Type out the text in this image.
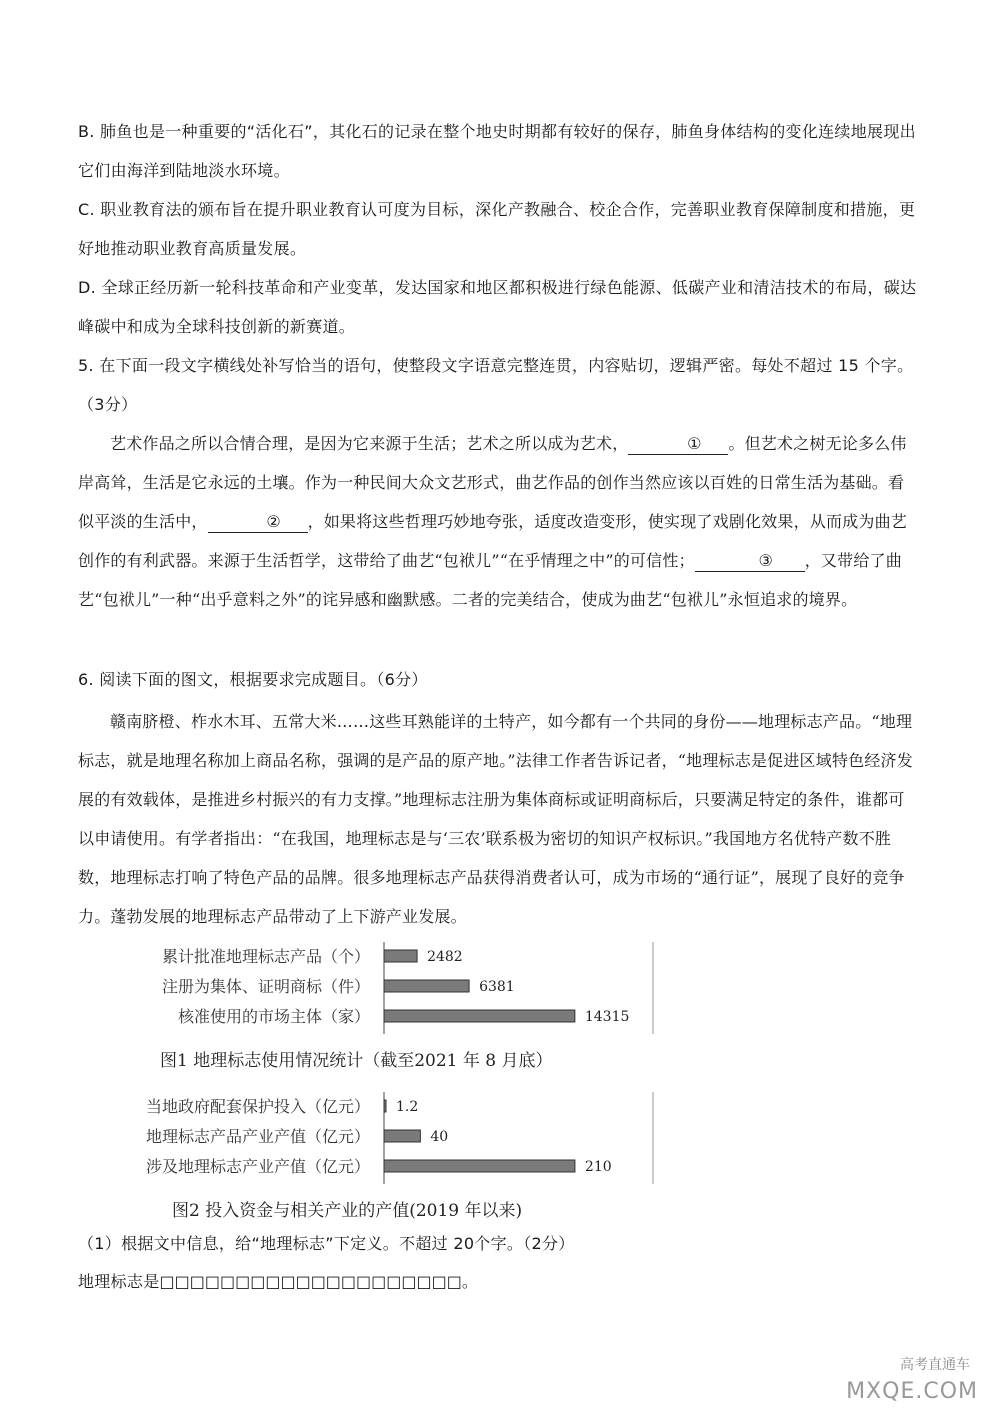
B. 肺鱼也是一种重要的“活化石”，其化石的记录在整个地史时期都有较好的保存，肺鱼身体结构的变化连续地展现出它们由海洋到陆地淡水环境。

C. 职业教育法的颁布旨在提升职业教育认可度为目标，深化产教融合、校企合作，完善职业教育保障制度和措施，更好地推动职业教育高质量发展。

D. 全球正经历新一轮科技革命和产业变革，发达国家和地区都积极进行绿色能源、低碳产业和清洁技术的布局，碳达峰碳中和成为全球科技创新的新赛道。

5. 在下面一段文字横线处补写恰当的语句，使整段文字语意完整连贯，内容贴切，逻辑严密。每处不超过 15 个字。（3分）

艺术作品之所以合情合理，是因为它来源于生活；艺术之所以成为艺术，	① 。但艺术之树无论多么伟岸高耸，生活是它永远的土壤。作为一种民间大众文艺形式，曲艺作品的创作当然应该以百姓的日常生活为基础。看似平淡的生活中，	② ，如果将这些哲理巧妙地夸张，适度改造变形，使实现了戏剧化效果，从而成为曲艺创作的有利武器。来源于生活哲学，这带给了曲艺“包袱儿”“在乎情理之中”的可信性；	③ ，又带给了曲艺“包袱儿”一种“出乎意料之外”的诧异感和幽默感。二者的完美结合，使成为曲艺“包袱儿”永恒追求的境界。

6. 阅读下面的图文，根据要求完成题目。（6分）

赣南脐橙、柞水木耳、五常大米……这些耳熟能详的土特产，如今都有一个共同的身份——地理标志产品。“地理标志，就是地理名称加上商品名称，强调的是产品的原产地。”法律工作者告诉记者，“地理标志是促进区域特色经济发展的有效载体，是推进乡村振兴的有力支撑。”地理标志注册为集体商标或证明商标后，只要满足特定的条件，谁都可以申请使用。有学者指出：“在我国，地理标志是与‘三农’联系极为密切的知识产权标识。”我国地方名优特产数不胜数，地理标志打响了特色产品的品牌。很多地理标志产品获得消费者认可，成为市场的“通行证”，展现了良好的竞争力。蓬勃发展的地理标志产品带动了上下游产业发展。

累计批准地理标志产品（个）	2482
注册为集体、证明商标（件）	6381
核准使用的市场主体（家）	14315
图1 地理标志使用情况统计（截至2021 年 8 月底）
当地政府配套保护投入（亿元） 1.2
地理标志产品产业产值（亿元）	40
涉及地理标志产业产值（亿元）	210
图2 投入资金与相关产业的产值(2019 年以来)

（1）根据文中信息，给“地理标志”下定义。不超过 20个字。（2分）

地理标志是□□□□□□□□□□□□□□□□□□□□。

高考直通车
MXQE.COM
